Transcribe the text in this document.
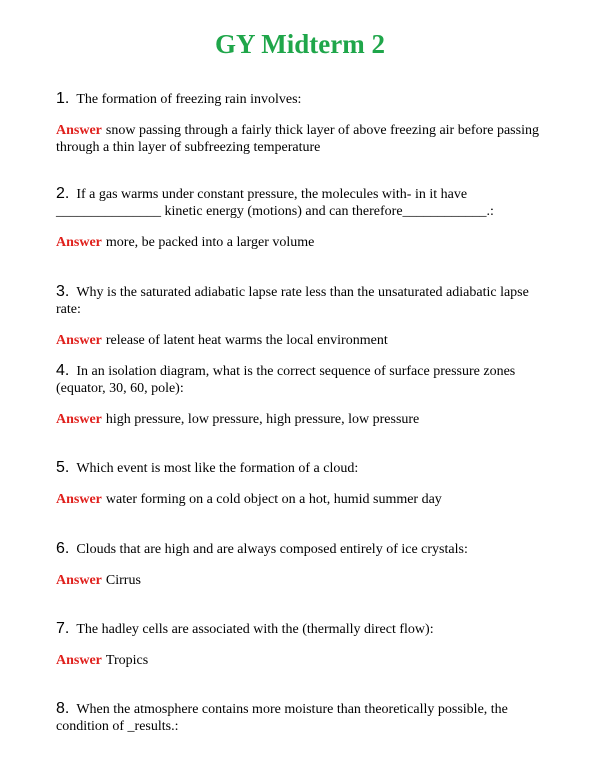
GY Midterm 2

1. The formation of freezing rain involves:

Answer snow passing through a fairly thick layer of above freezing air before passing through a thin layer of subfreezing temperature

2. If a gas warms under constant pressure, the molecules with- in it have _______________ kinetic energy (motions) and can therefore____________.:

Answer more, be packed into a larger volume

3. Why is the saturated adiabatic lapse rate less than the unsaturated adiabatic lapse rate:

Answer release of latent heat warms the local environment

4. In an isolation diagram, what is the correct sequence of surface pressure zones (equator, 30, 60, pole):

Answer high pressure, low pressure, high pressure, low pressure

5. Which event is most like the formation of a cloud:

Answer water forming on a cold object on a hot, humid summer day

6. Clouds that are high and are always composed entirely of ice crystals:

Answer Cirrus

7. The hadley cells are associated with the (thermally direct flow):

Answer Tropics

8. When the atmosphere contains more moisture than theoretically possible, the condition of _results.:
